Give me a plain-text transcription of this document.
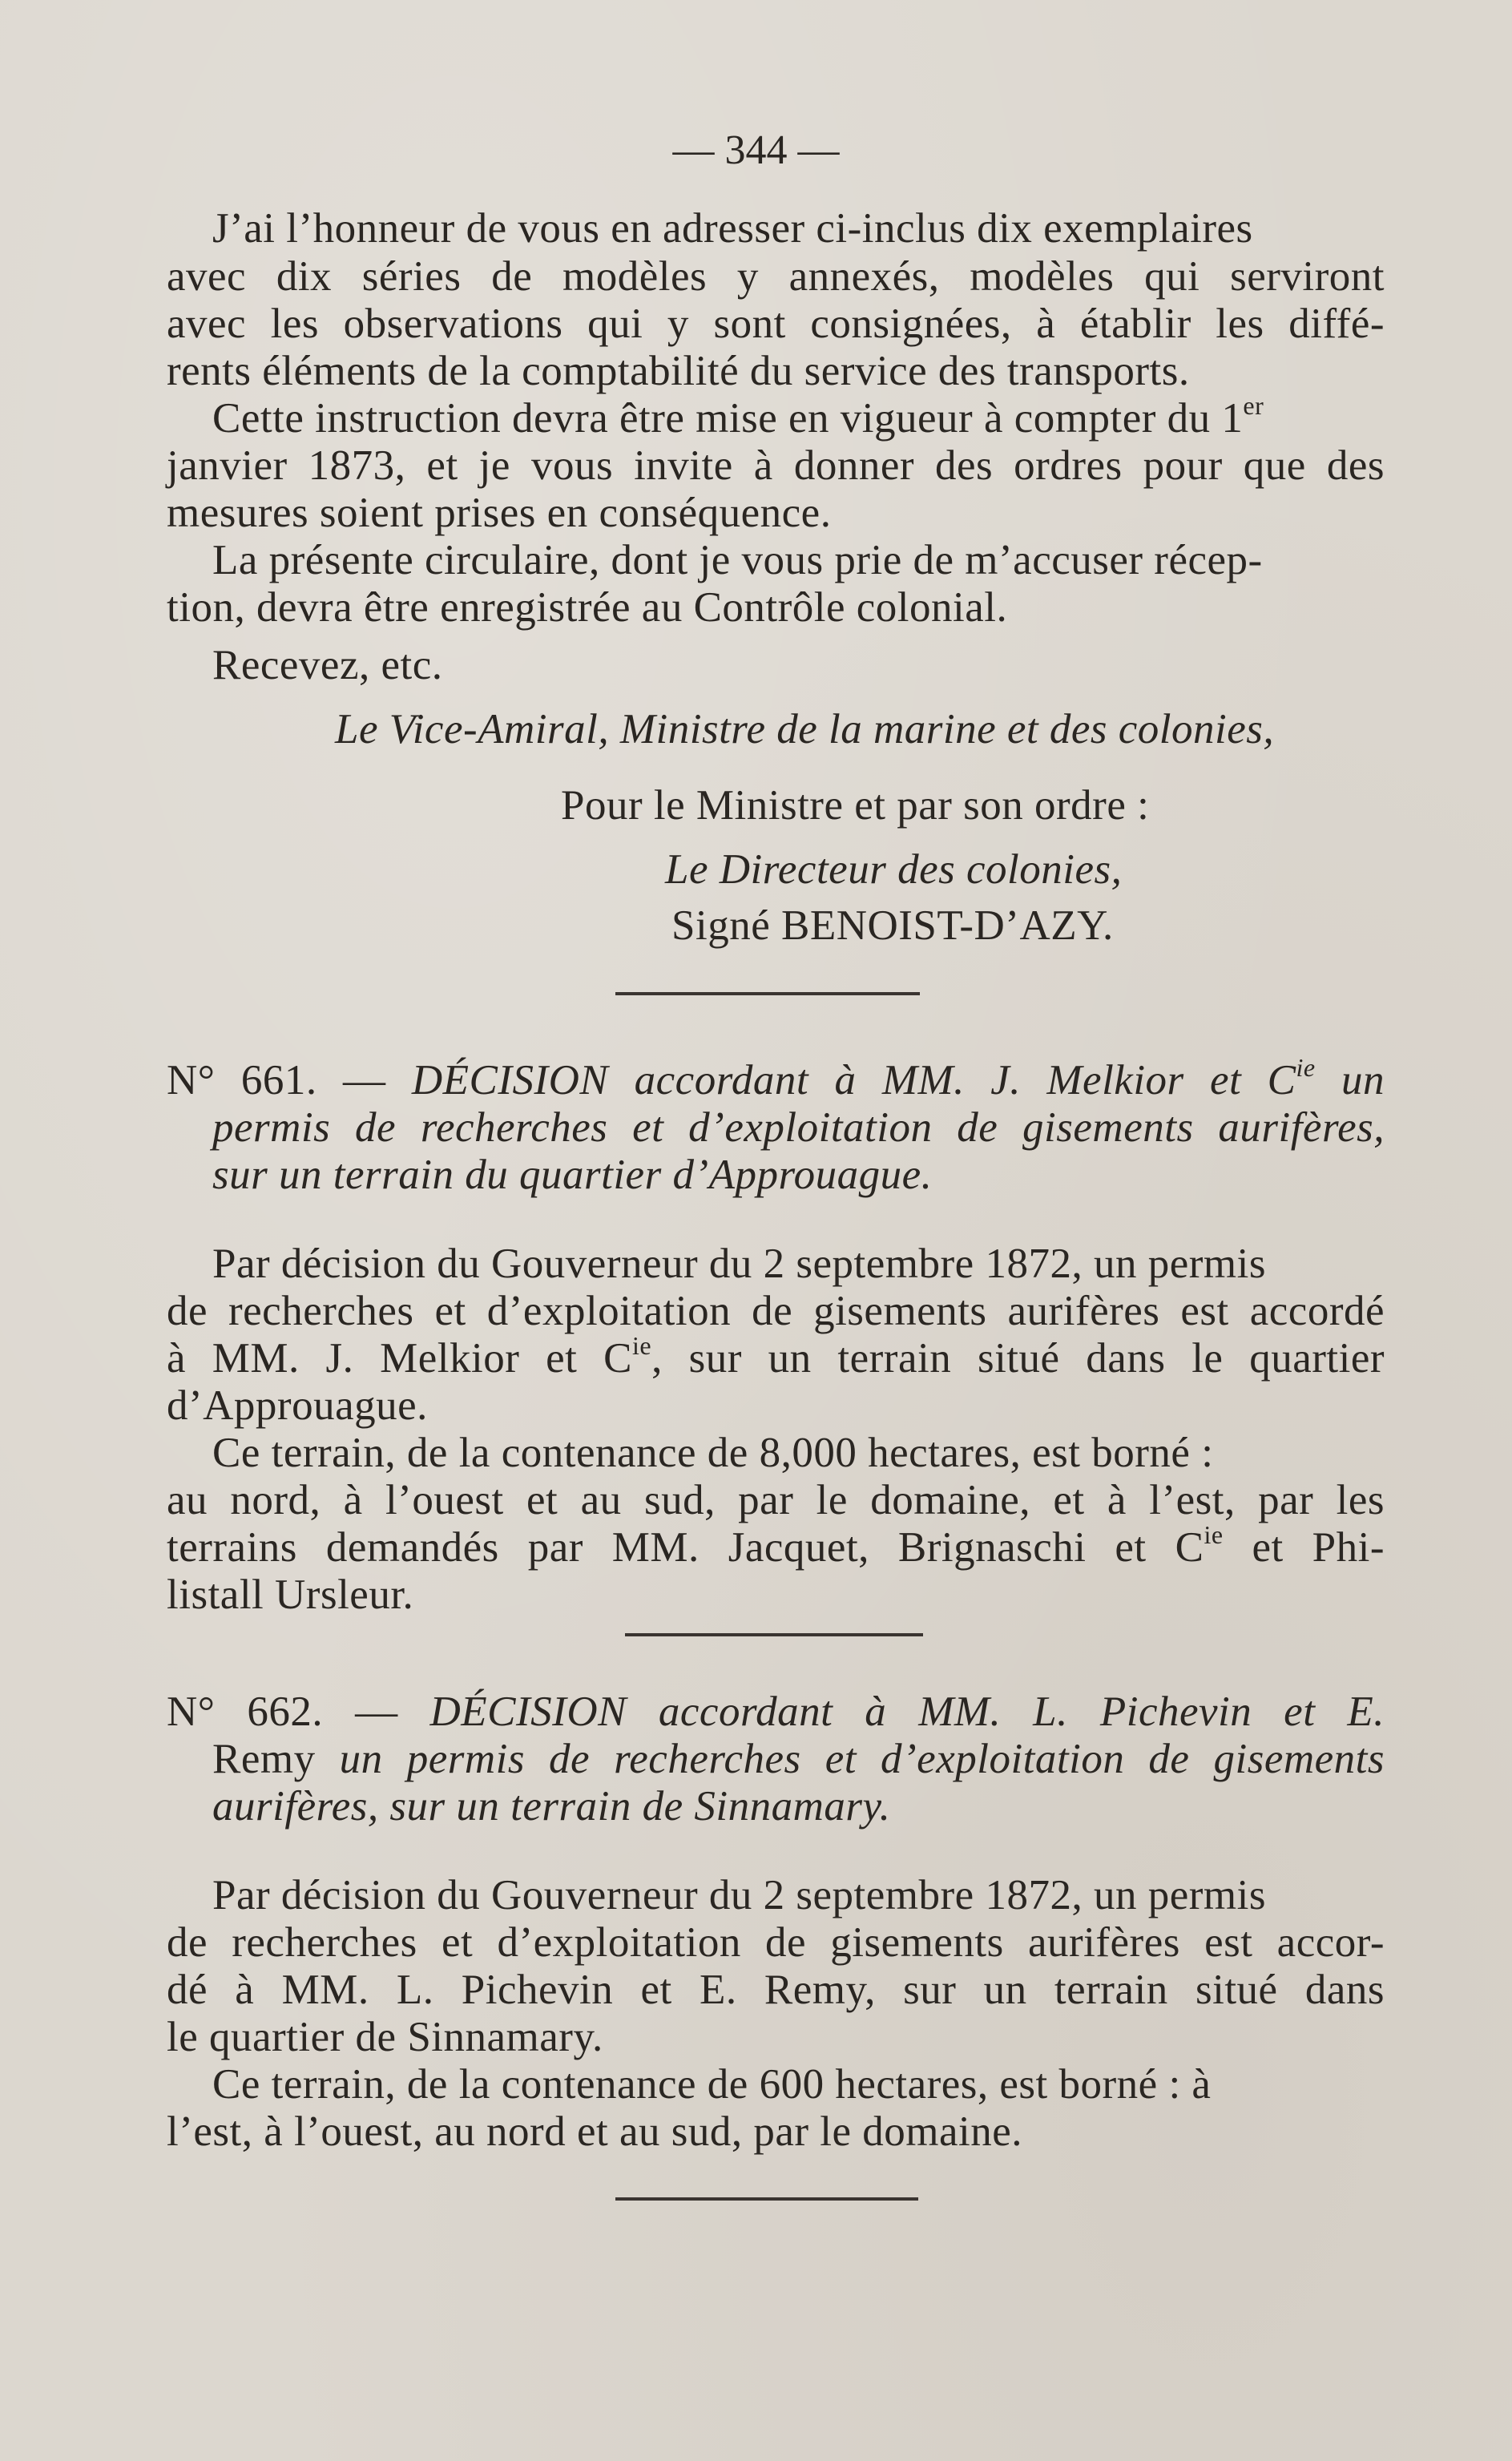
— 344 —
J’ai l’honneur de vous en adresser ci-inclus dix exemplaires
avec dix séries de modèles y annexés, modèles qui serviront
avec les observations qui y sont consignées, à établir les diffé-
rents éléments de la comptabilité du service des transports.
Cette instruction devra être mise en vigueur à compter du 1er
janvier 1873, et je vous invite à donner des ordres pour que des
mesures soient prises en conséquence.
La présente circulaire, dont je vous prie de m’accuser récep-
tion, devra être enregistrée au Contrôle colonial.
Recevez, etc.
Le Vice-Amiral, Ministre de la marine et des colonies,
Pour le Ministre et par son ordre :
Le Directeur des colonies,
Signé BENOIST-D’AZY.
N° 661. — DÉCISION accordant à MM. J. Melkior et $C^{ie}$ un
permis de recherches et d’exploitation de gisements aurifères,
sur un terrain du quartier d’Approuague.
Par décision du Gouverneur du 2 septembre 1872, un permis
de recherches et d’exploitation de gisements aurifères est accordé
à MM. J. Melkior et $C^{ie}$, sur un terrain situé dans le quartier
d’Approuague.
Ce terrain, de la contenance de 8,000 hectares, est borné :
au nord, à l’ouest et au sud, par le domaine, et à l’est, par les
terrains demandés par MM. Jacquet, Brignaschi et $C^{ie}$ et Phi-
listall Ursleur.
N° 662. — DÉCISION accordant à MM. L. Pichevin et E.
Remy un permis de recherches et d’exploitation de gisements
aurifères, sur un terrain de Sinnamary.
Par décision du Gouverneur du 2 septembre 1872, un permis
de recherches et d’exploitation de gisements aurifères est accor-
dé à MM. L. Pichevin et E. Remy, sur un terrain situé dans
le quartier de Sinnamary.
Ce terrain, de la contenance de 600 hectares, est borné : à
l’est, à l’ouest, au nord et au sud, par le domaine.
